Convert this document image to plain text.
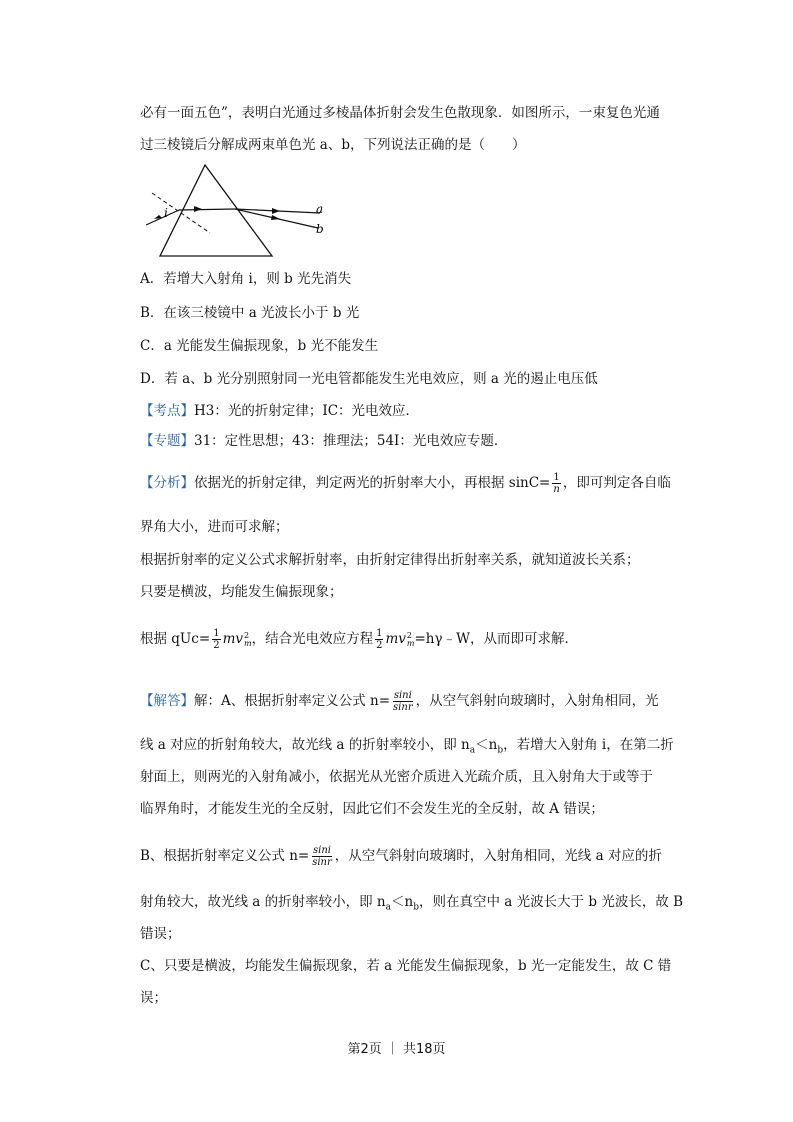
必有一面五色”，表明白光通过多棱晶体折射会发生色散现象．如图所示，一束复色光通
过三棱镜后分解成两束单色光 a、b，下列说法正确的是（　　）
a
b
i
A．若增大入射角 i，则 b 光先消失
B．在该三棱镜中 a 光波长小于 b 光
C．a 光能发生偏振现象，b 光不能发生
D．若 a、b 光分别照射同一光电管都能发生光电效应，则 a 光的遏止电压低
【考点】H3：光的折射定律；IC：光电效应．
【专题】31：定性思想；43：推理法；54I：光电效应专题．
【分析】依据光的折射定律，判定两光的折射率大小，再根据 $\sin C= \frac{1}{n}$ ，即可判定各自临
界角大小，进而可求解；
根据折射率的定义公式求解折射率，由折射定律得出折射率关系，就知道波长关系；
只要是横波，均能发生偏振现象；
根据 $qUc= \frac{1}{2}$ mv 2
m ，结合光电效应方程 $\frac{1}{2}$ mv 2
m =hγ﹣W，从而即可求解．
【解答】解：A、根据折射率定义公式 $n= \frac{\sin i}{\sin r}$ ，从空气斜射向玻璃时，入射角相同，光
线 a 对应的折射角较大，故光线 a 的折射率较小，即 $n_a<n_b$，若增大入射角 i，在第二折
射面上，则两光的入射角减小，依据光从光密介质进入光疏介质，且入射角大于或等于
临界角时，才能发生光的全反射，因此它们不会发生光的全反射，故 A 错误；
B、根据折射率定义公式 $n= \frac{\sin i}{\sin r}$ ，从空气斜射向玻璃时，入射角相同，光线 a 对应的折
射角较大，故光线 a 的折射率较小，即 $n_a<n_b$，则在真空中 a 光波长大于 b 光波长，故 B
错误；
C、只要是横波，均能发生偏振现象，若 a 光能发生偏振现象，b 光一定能发生，故 C 错
误；
第2页 ｜ 共18页
